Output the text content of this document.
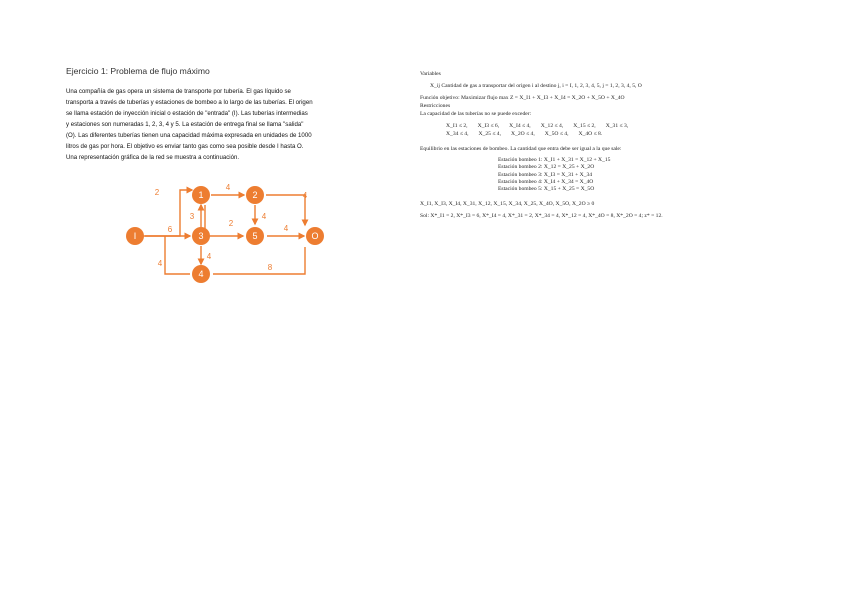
Ejercicio 1: Problema de flujo máximo

Una compañía de gas opera un sistema de transporte por tubería. El gas líquido se
transporta a través de tuberías y estaciones de bombeo a lo largo de las tuberías. El origen
se llama estación de inyección inicial o estación de "entrada" (I). Las tuberías intermedias
y estaciones son numeradas 1, 2, 3, 4 y 5. La estación de entrega final se llama "salida"
(O). Las diferentes tuberías tienen una capacidad máxima expresada en unidades de 1000
litros de gas por hora. El objetivo es enviar tanto gas como sea posible desde I hasta O.
Una representación gráfica de la red se muestra a continuación.

I
1	2
3
4
5	O
2
6
4
4
4
3
2
4
4
4
8
Variables
X_ij Cantidad de gas a transportar del origen i al destino j, i = I, 1, 2, 3, 4, 5, j = 1, 2, 3, 4, 5, O
Función objetivo: Maximizar flujo max Z = X_I1 + X_I3 + X_I4 = X_2O + X_5O + X_4O
Restricciones
La capacidad de las tuberías no se puede exceder:
X_I1 ≤ 2, X_I3 ≤ 6, X_I4 ≤ 4, X_12 ≤ 4, X_15 ≤ 2, X_31 ≤ 3,
X_34 ≤ 4, X_25 ≤ 4, X_2O ≤ 4, X_5O ≤ 4, X_4O ≤ 8.
Equilibrio en las estaciones de bombeo. La cantidad que entra debe ser igual a la que sale:
Estación bombeo 1: X_I1 + X_31 = X_12 + X_15
Estación bombeo 2: X_12 = X_25 + X_2O
Estación bombeo 3: X_I3 = X_31 + X_34
Estación bombeo 4: X_I4 + X_34 = X_4O
Estación bombeo 5: X_15 + X_25 = X_5O
X_I1, X_I3, X_I4, X_31, X_12, X_15, X_34, X_25, X_4O, X_5O, X_2O ≥ 0
Sol: X*_I1 = 2, X*_I3 = 6, X*_I4 = 4, X*_31 = 2, X*_34 = 4, X*_12 = 4, X*_4O = 8, X*_2O = 4; z* = 12.
